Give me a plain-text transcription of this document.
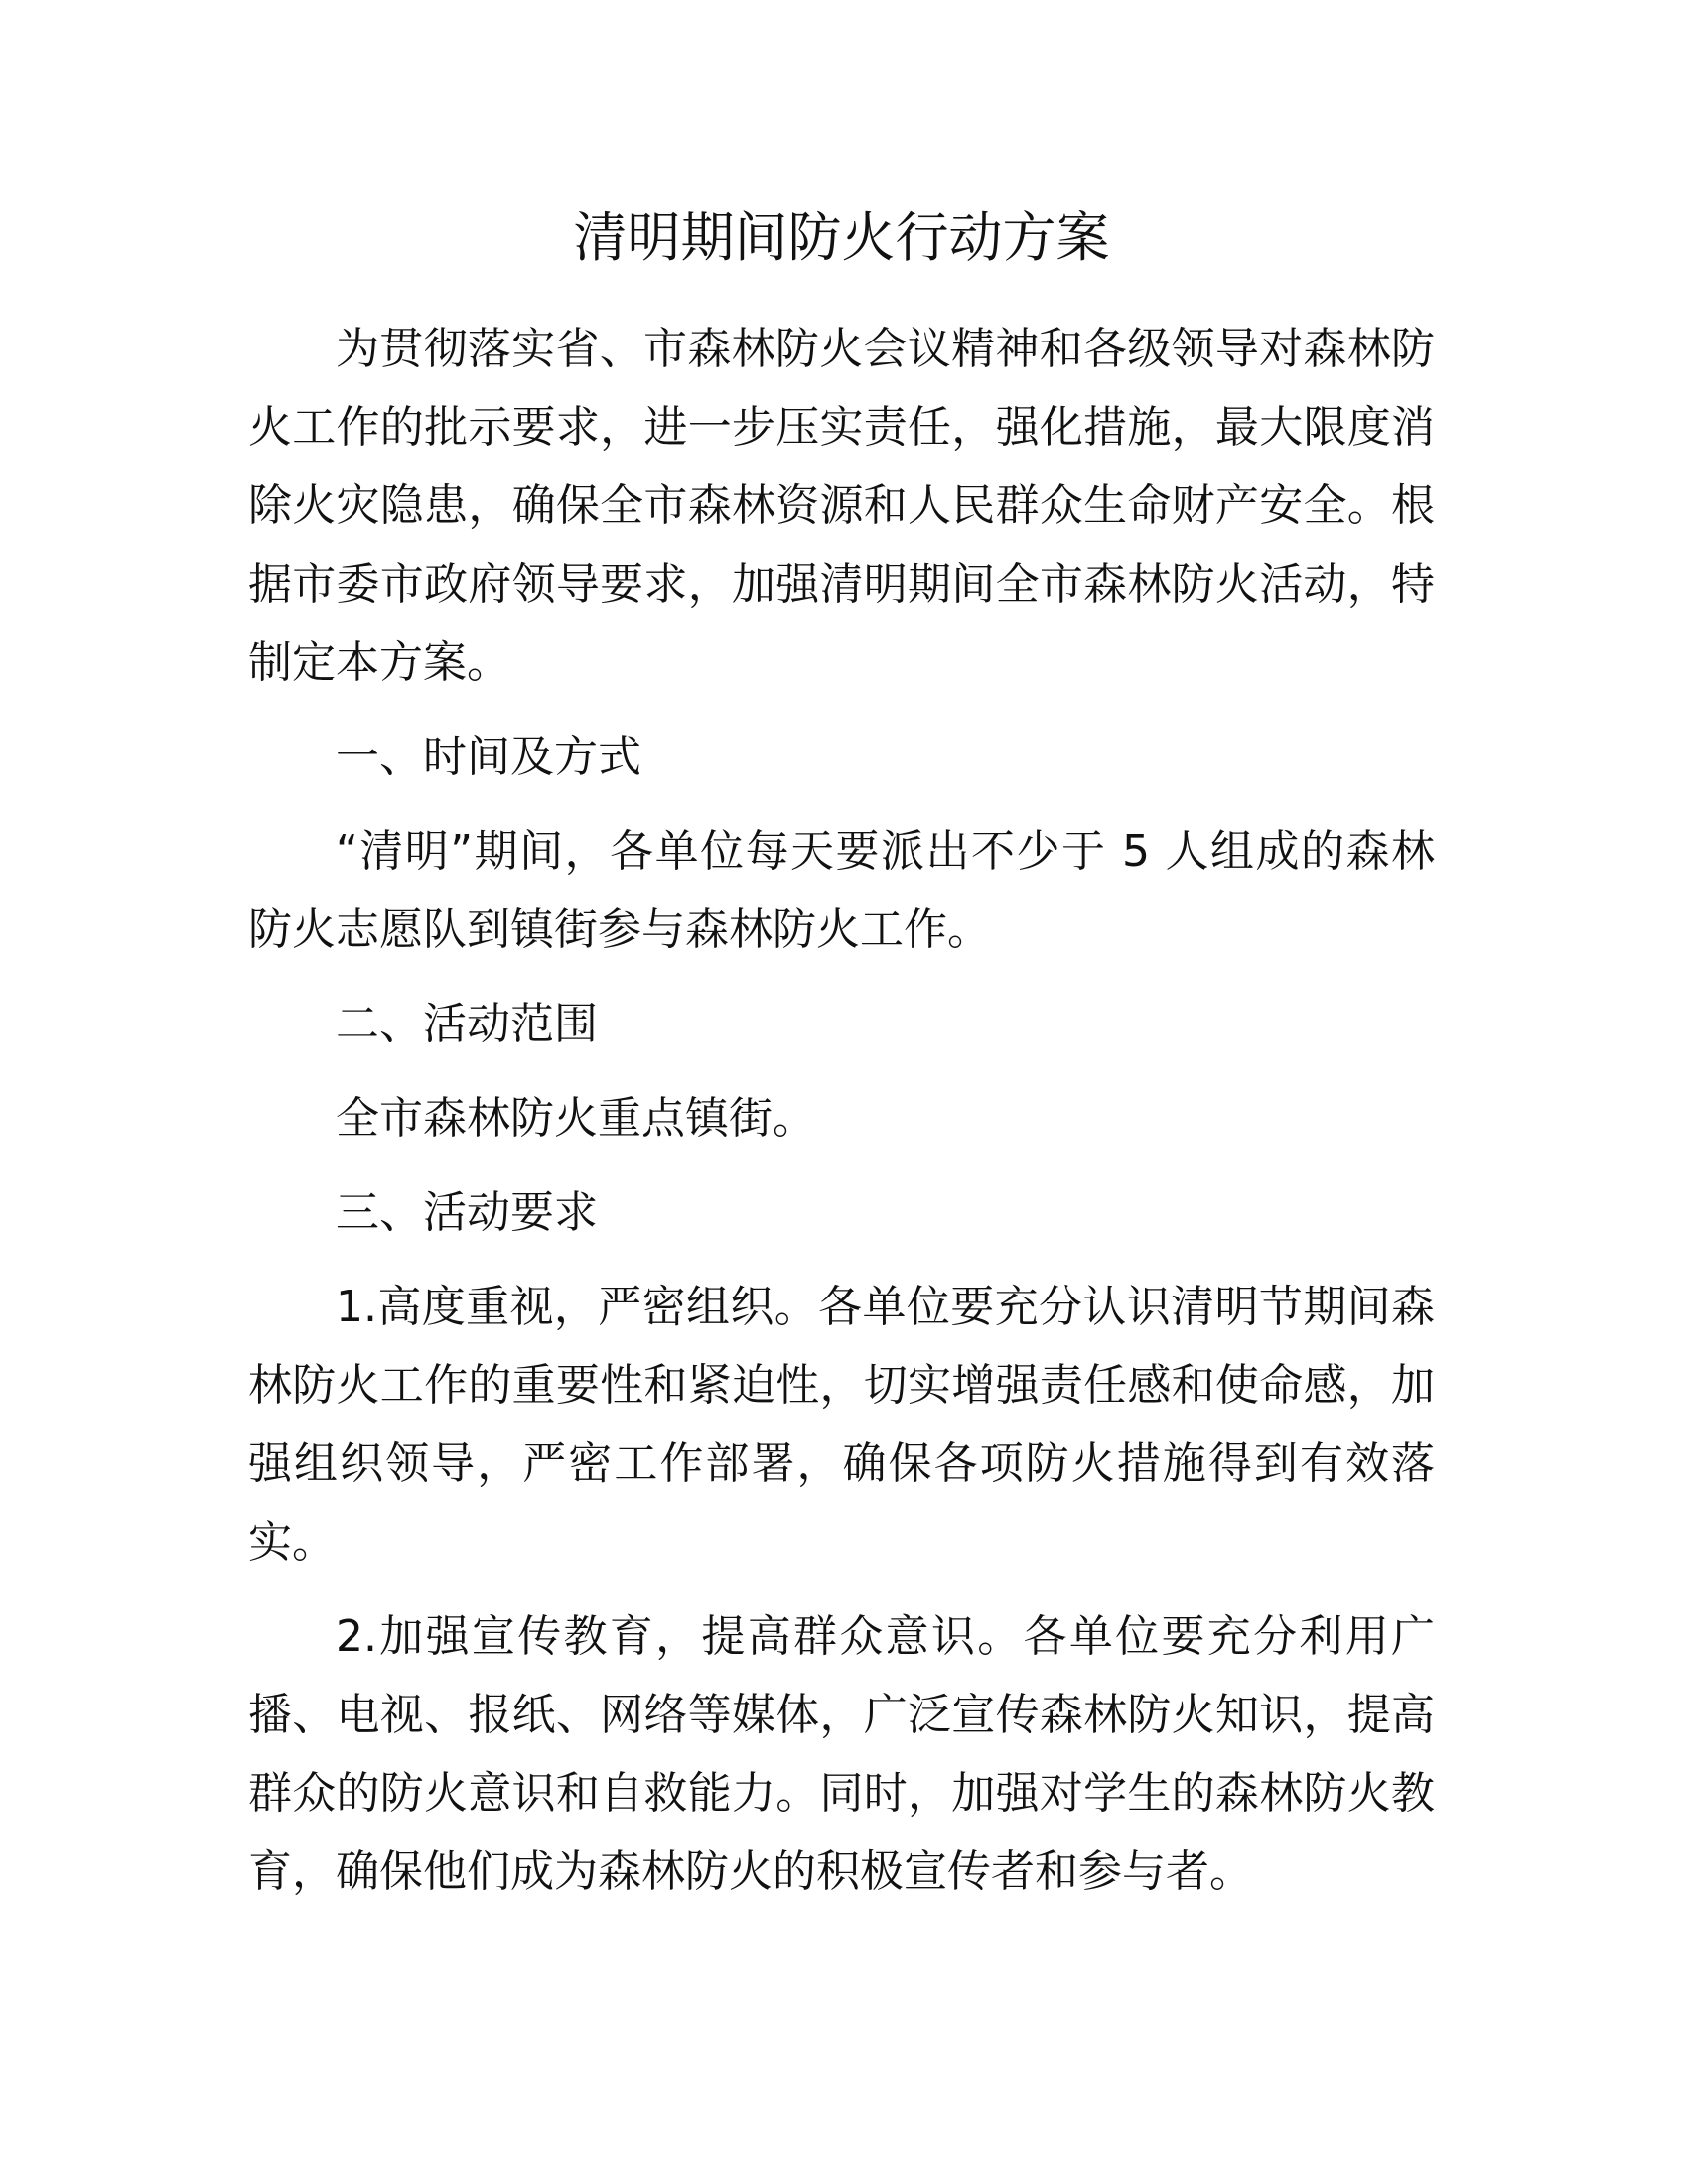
清明期间防火行动方案

为贯彻落实省、市森林防火会议精神和各级领导对森林防火工作的批示要求，进一步压实责任，强化措施，最大限度消除火灾隐患，确保全市森林资源和人民群众生命财产安全。根据市委市政府领导要求，加强清明期间全市森林防火活动，特制定本方案。

一、时间及方式

“清明”期间，各单位每天要派出不少于 5 人组成的森林防火志愿队到镇街参与森林防火工作。

二、活动范围

全市森林防火重点镇街。

三、活动要求

1.高度重视，严密组织。各单位要充分认识清明节期间森林防火工作的重要性和紧迫性，切实增强责任感和使命感，加强组织领导，严密工作部署，确保各项防火措施得到有效落实。

2.加强宣传教育，提高群众意识。各单位要充分利用广播、电视、报纸、网络等媒体，广泛宣传森林防火知识，提高群众的防火意识和自救能力。同时，加强对学生的森林防火教育，确保他们成为森林防火的积极宣传者和参与者。
